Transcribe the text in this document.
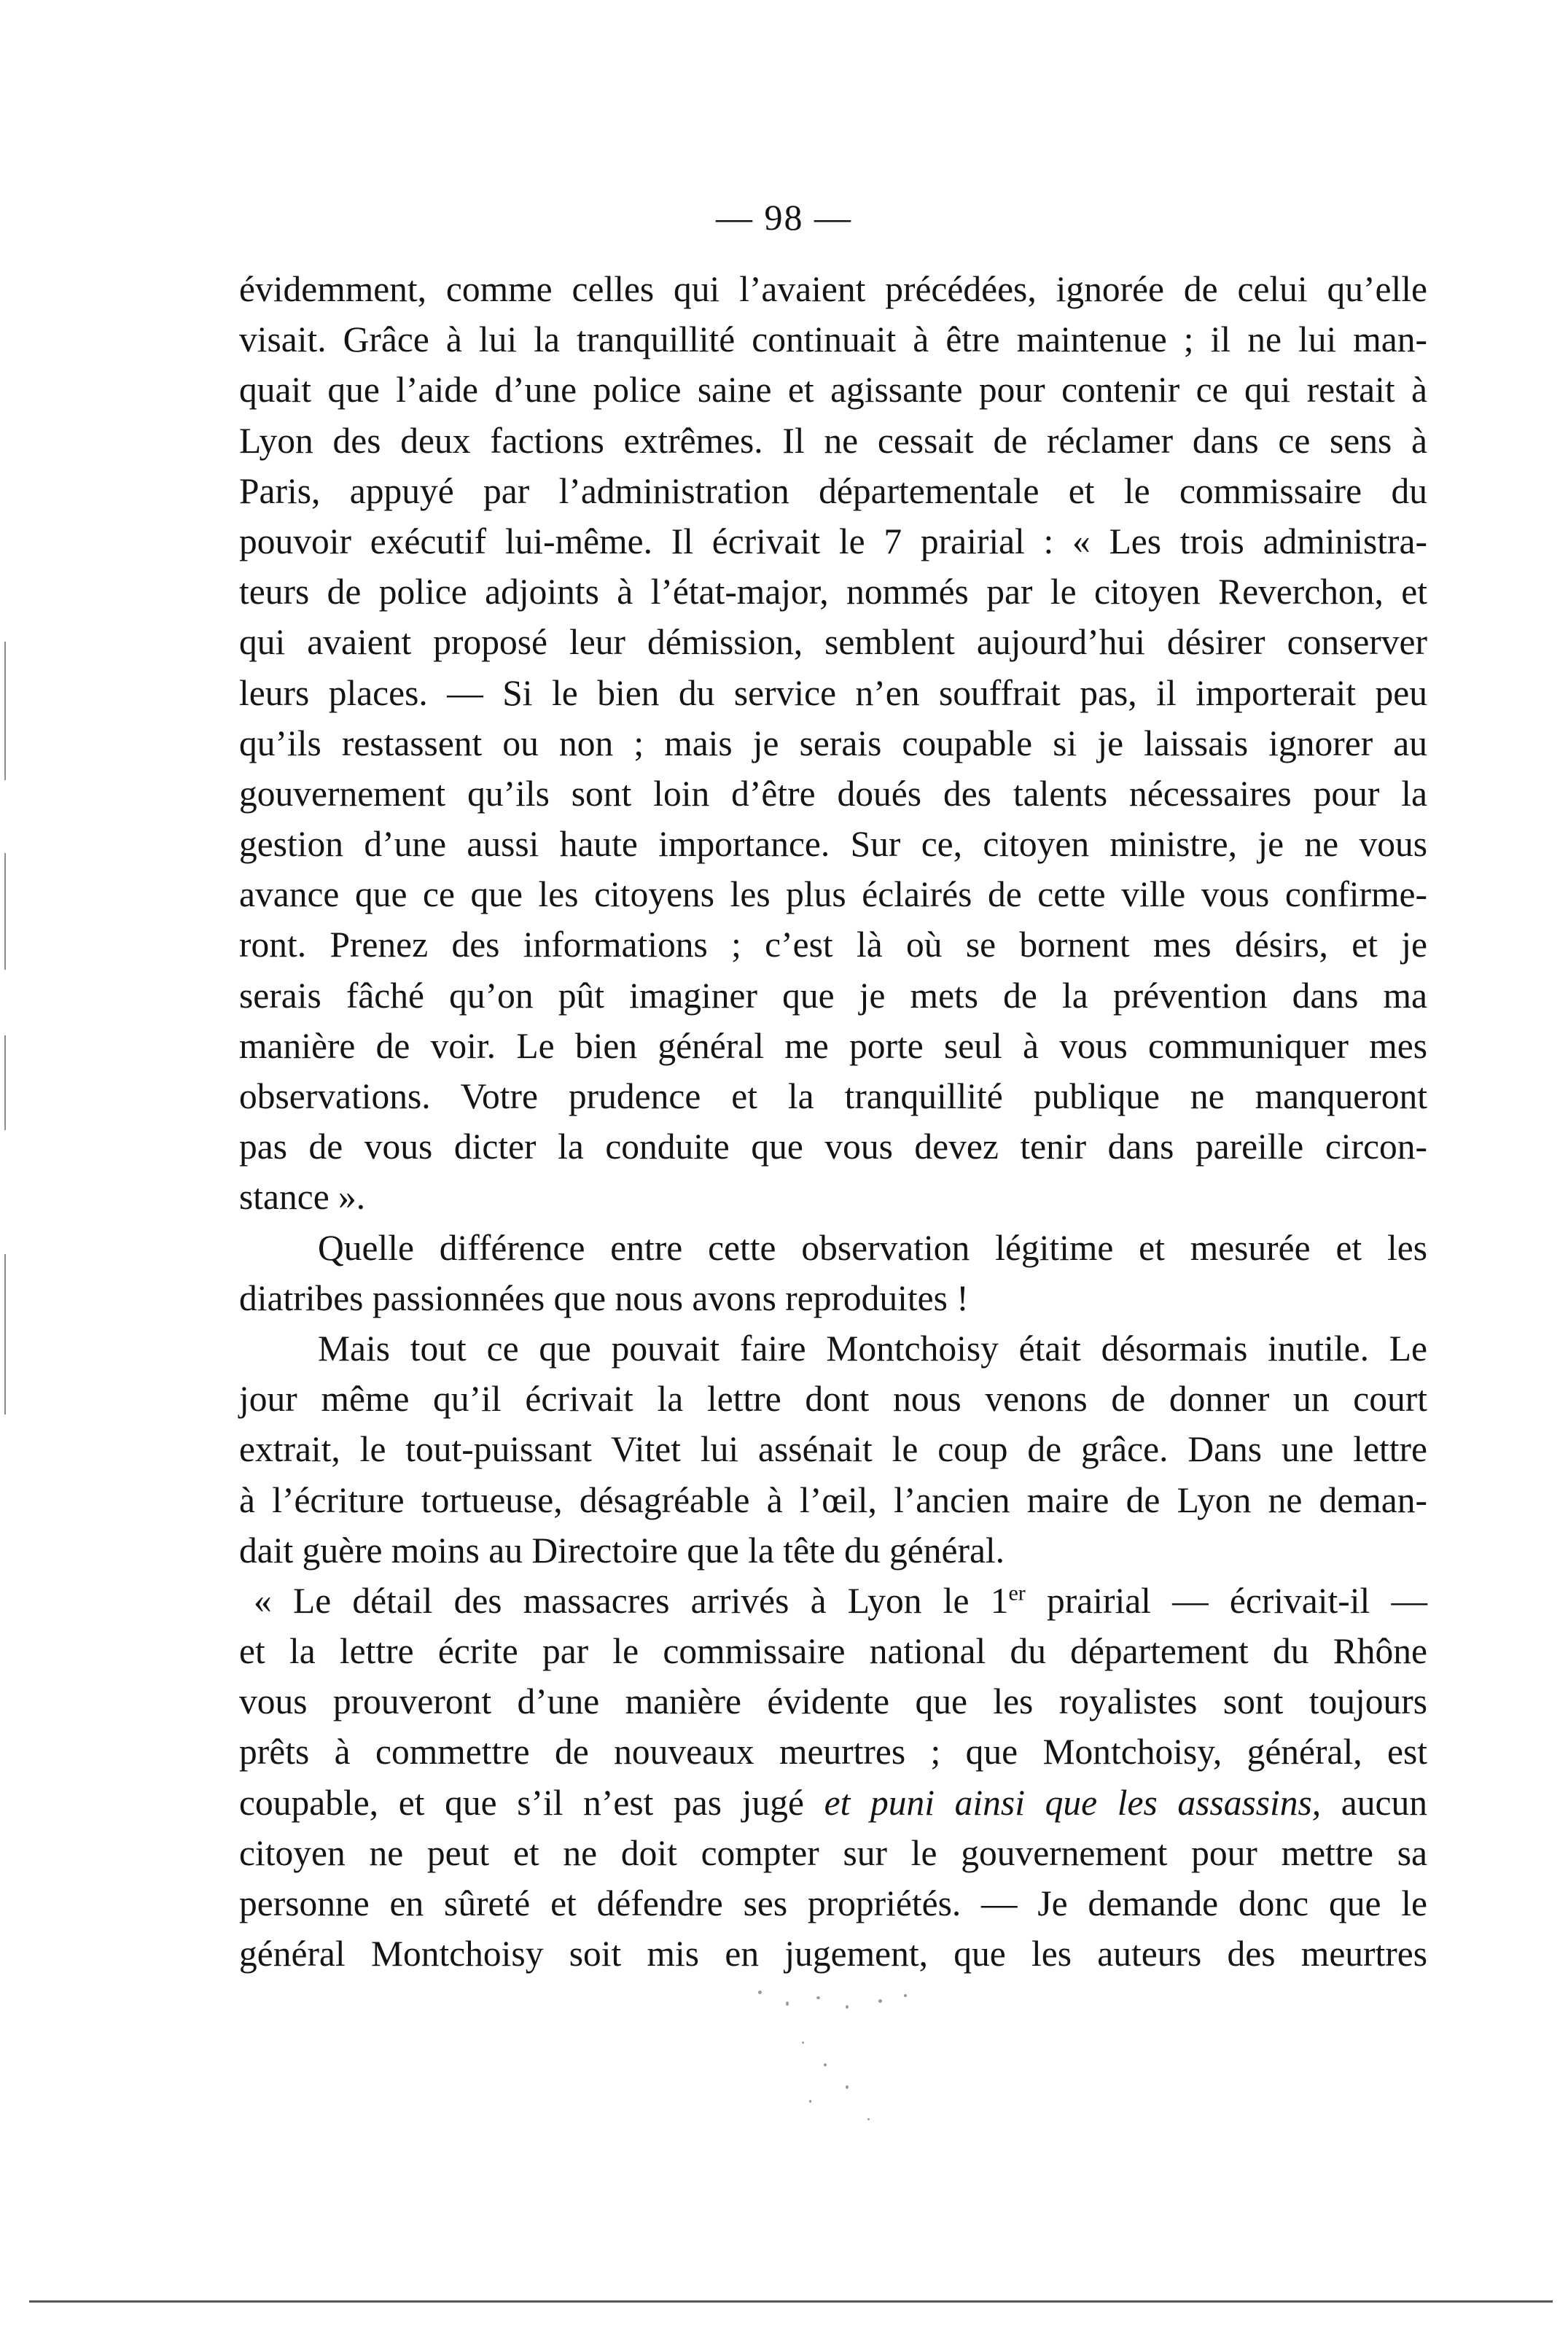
— 98 —
évidemment, comme celles qui l’avaient précédées, ignorée de celui qu’elle
visait. Grâce à lui la tranquillité continuait à être maintenue ; il ne lui man-
quait que l’aide d’une police saine et agissante pour contenir ce qui restait à
Lyon des deux factions extrêmes. Il ne cessait de réclamer dans ce sens à
Paris, appuyé par l’administration départementale et le commissaire du
pouvoir exécutif lui-même. Il écrivait le 7 prairial : « Les trois administra-
teurs de police adjoints à l’état-major, nommés par le citoyen Reverchon, et
qui avaient proposé leur démission, semblent aujourd’hui désirer conserver
leurs places. — Si le bien du service n’en souffrait pas, il importerait peu
qu’ils restassent ou non ; mais je serais coupable si je laissais ignorer au
gouvernement qu’ils sont loin d’être doués des talents nécessaires pour la
gestion d’une aussi haute importance. Sur ce, citoyen ministre, je ne vous
avance que ce que les citoyens les plus éclairés de cette ville vous confirme-
ront. Prenez des informations ; c’est là où se bornent mes désirs, et je
serais fâché qu’on pût imaginer que je mets de la prévention dans ma
manière de voir. Le bien général me porte seul à vous communiquer mes
observations. Votre prudence et la tranquillité publique ne manqueront
pas de vous dicter la conduite que vous devez tenir dans pareille circon-
stance ».
Quelle différence entre cette observation légitime et mesurée et les
diatribes passionnées que nous avons reproduites !
Mais tout ce que pouvait faire Montchoisy était désormais inutile. Le
jour même qu’il écrivait la lettre dont nous venons de donner un court
extrait, le tout-puissant Vitet lui assénait le coup de grâce. Dans une lettre
à l’écriture tortueuse, désagréable à l’œil, l’ancien maire de Lyon ne deman-
dait guère moins au Directoire que la tête du général.
« Le détail des massacres arrivés à Lyon le 1er prairial — écrivait-il —
et la lettre écrite par le commissaire national du département du Rhône
vous prouveront d’une manière évidente que les royalistes sont toujours
prêts à commettre de nouveaux meurtres ; que Montchoisy, général, est
coupable, et que s’il n’est pas jugé et puni ainsi que les assassins, aucun
citoyen ne peut et ne doit compter sur le gouvernement pour mettre sa
personne en sûreté et défendre ses propriétés. — Je demande donc que le
général Montchoisy soit mis en jugement, que les auteurs des meurtres
